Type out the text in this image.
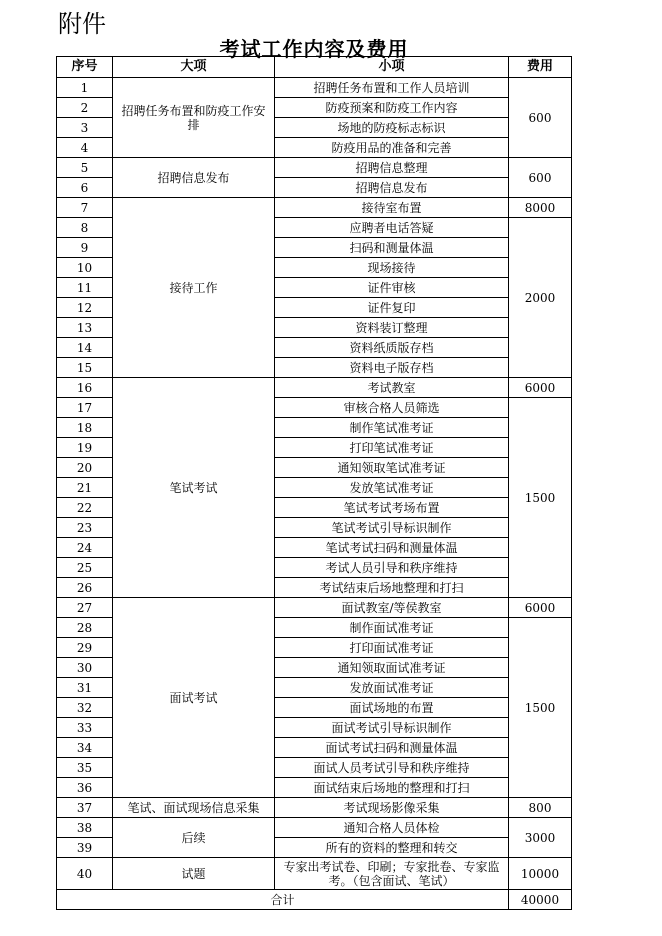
附件
考试工作内容及费用
序号	大项	小项	费用
1	招聘任务布置和防疫工作安排	招聘任务布置和工作人员培训	600
2		防疫预案和防疫工作内容	
3		场地的防疫标志标识	
4		防疫用品的准备和完善	
5	招聘信息发布	招聘信息整理	600
6		招聘信息发布	
7	接待工作	接待室布置	8000
8		应聘者电话答疑	2000
9		扫码和测量体温	
10		现场接待	
11		证件审核	
12		证件复印	
13		资料装订整理	
14		资料纸质版存档	
15		资料电子版存档	
16	笔试考试	考试教室	6000
17		审核合格人员筛选	1500
18		制作笔试准考证	
19		打印笔试准考证	
20		通知领取笔试准考证	
21		发放笔试准考证	
22		笔试考试考场布置	
23		笔试考试引导标识制作	
24		笔试考试扫码和测量体温	
25		考试人员引导和秩序维持	
26		考试结束后场地整理和打扫	
27	面试考试	面试教室/等侯教室	6000
28		制作面试准考证	1500
29		打印面试准考证	
30		通知领取面试准考证	
31		发放面试准考证	
32		面试场地的布置	
33		面试考试引导标识制作	
34		面试考试扫码和测量体温	
35		面试人员考试引导和秩序维持	
36		面试结束后场地的整理和打扫	
37	笔试、面试现场信息采集	考试现场影像采集	800
38	后续	通知合格人员体检	3000
39		所有的资料的整理和转交	
40	试题	专家出考试卷、印刷；专家批卷、专家监考。（包含面试、笔试）	10000
合计			40000
